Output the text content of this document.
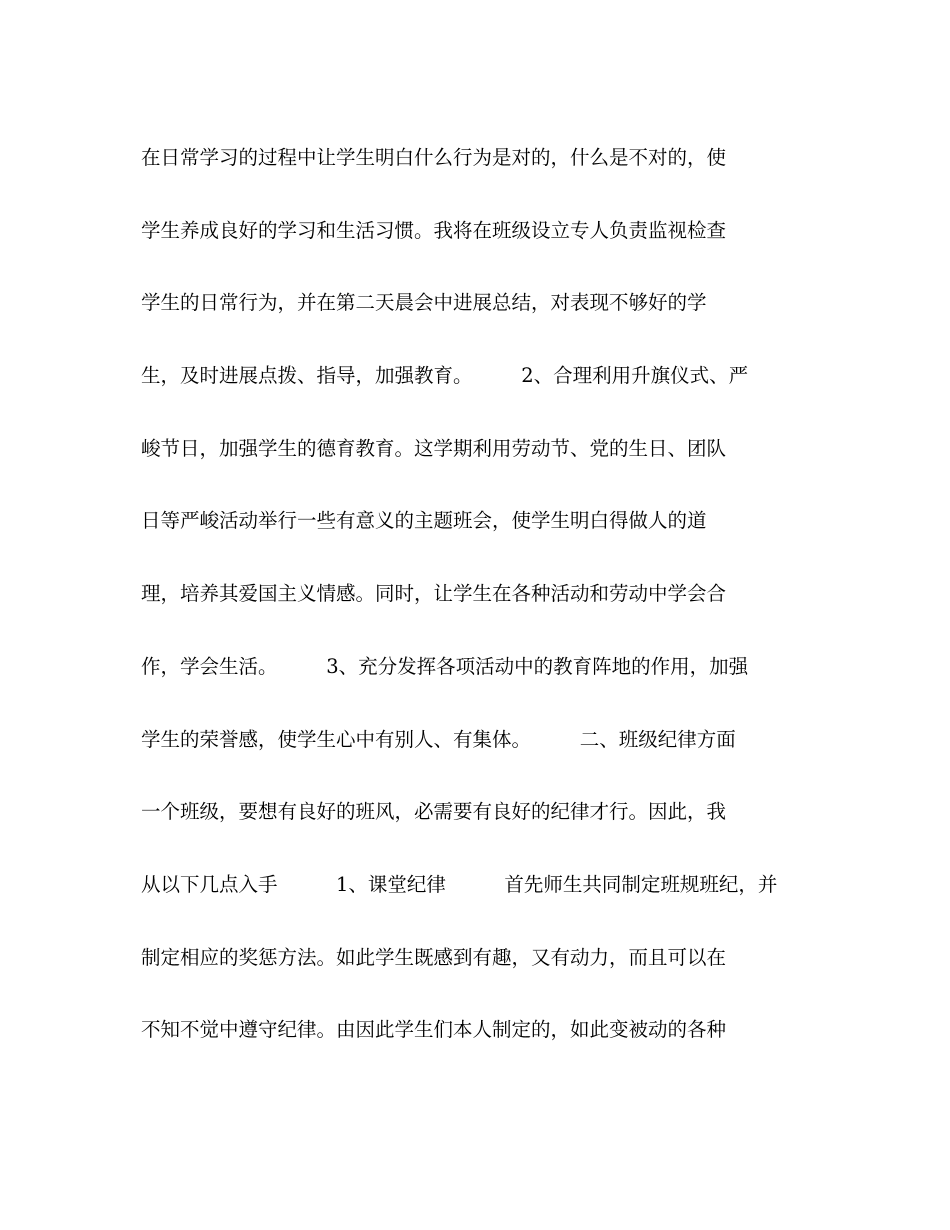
在日常学习的过程中让学生明白什么行为是对的，什么是不对的，使
学生养成良好的学习和生活习惯。我将在班级设立专人负责监视检查
学生的日常行为，并在第二天晨会中进展总结，对表现不够好的学
生，及时进展点拨、指导，加强教育。　　　2、合理利用升旗仪式、严
峻节日，加强学生的德育教育。这学期利用劳动节、党的生日、团队
日等严峻活动举行一些有意义的主题班会，使学生明白得做人的道
理，培养其爱国主义情感。同时，让学生在各种活动和劳动中学会合
作，学会生活。　　　3、充分发挥各项活动中的教育阵地的作用，加强
学生的荣誉感，使学生心中有别人、有集体。　　　二、班级纪律方面
一个班级，要想有良好的班风，必需要有良好的纪律才行。因此，我
从以下几点入手　　　1、课堂纪律　　　首先师生共同制定班规班纪，并
制定相应的奖惩方法。如此学生既感到有趣，又有动力，而且可以在
不知不觉中遵守纪律。由因此学生们本人制定的，如此变被动的各种
